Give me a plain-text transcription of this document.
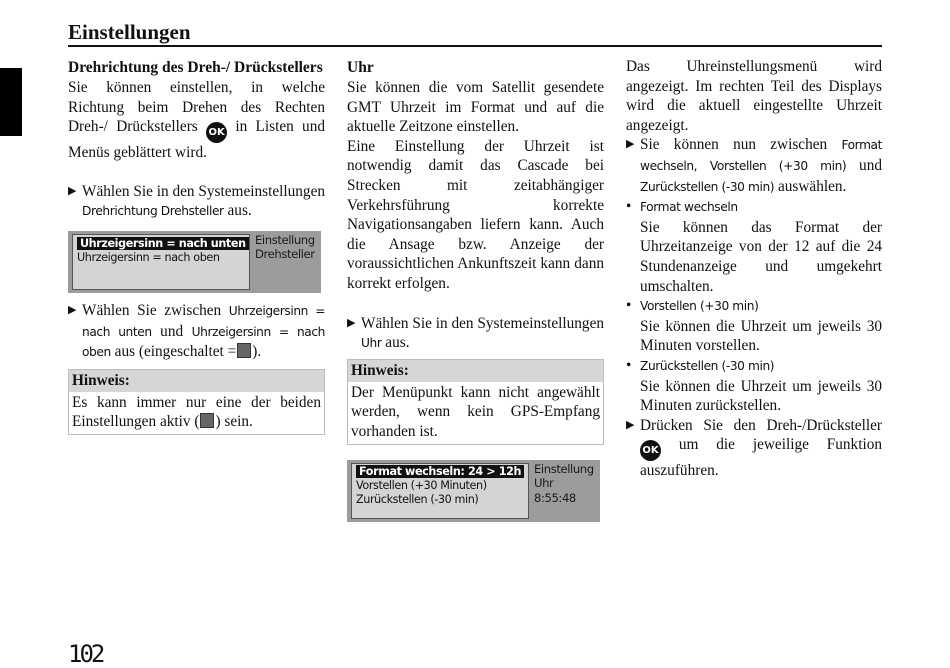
Einstellungen
Drehrichtung des Dreh-/ Drückstellers

Sie können einstellen, in welche Richtung beim Drehen des Rechten Dreh-/ Drückstellers OK in Listen und Menüs geblättert wird.

▶ Wählen Sie in den Systemeinstellungen Drehrichtung Drehsteller aus.
Uhrzeigersinn = nach unten
Uhrzeigersinn = nach oben
Einstellung
Drehsteller
▶ Wählen Sie zwischen Uhrzeigersinn = nach unten und Uhrzeigersinn = nach oben aus (eingeschaltet = ).
Hinweis:
Es kann immer nur eine der beiden Einstellungen aktiv ( ) sein.
Uhr

Sie können die vom Satellit gesendete GMT Uhrzeit im Format und auf die aktuelle Zeitzone einstellen.

Eine Einstellung der Uhrzeit ist notwendig damit das Cascade bei Strecken mit zeitabhängiger Verkehrsführung korrekte Navigationsangaben liefern kann. Auch die Ansage bzw. Anzeige der voraussichtlichen Ankunftszeit kann dann korrekt erfolgen.

▶ Wählen Sie in den Systemeinstellungen Uhr aus.
Hinweis:
Der Menüpunkt kann nicht angewählt werden, wenn kein GPS-Empfang vorhanden ist.
Format wechseln: 24 > 12h
Vorstellen (+30 Minuten)
Zurückstellen (-30 min)
Einstellung
Uhr
8:55:48

Das Uhreinstellungsmenü wird angezeigt. Im rechten Teil des Displays wird die aktuell eingestellte Uhrzeit angezeigt.

▶ Sie können nun zwischen Format wechseln, Vorstellen (+30 min) und Zurückstellen (-30 min) auswählen.
• Format wechseln
Sie können das Format der Uhrzeitanzeige von der 12 auf die 24 Stundenanzeige und umgekehrt umschalten.
• Vorstellen (+30 min)
Sie können die Uhrzeit um jeweils 30 Minuten vorstellen.
• Zurückstellen (-30 min)
Sie können die Uhrzeit um jeweils 30 Minuten zurückstellen.
▶ Drücken Sie den Dreh-/Drücksteller OK um die jeweilige Funktion auszuführen.
102
